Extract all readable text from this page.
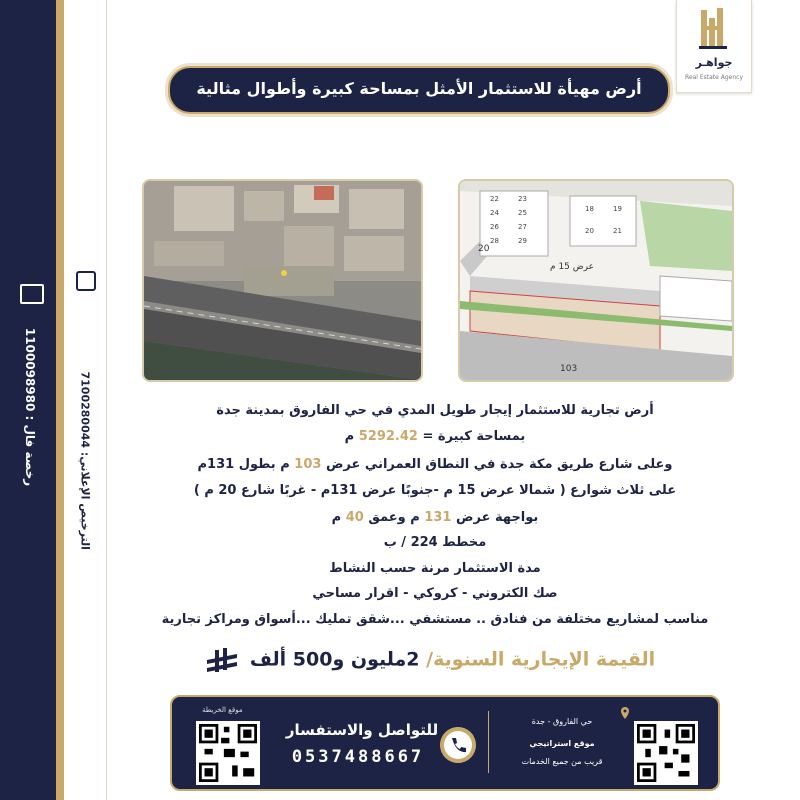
رخصة فال : 1100098980
الترخيص الإعلاني: 7100280044
جواهـر
Real Estate Agency
أرض مهيأة للاستثمار الأمثل بمساحة كبيرة وأطوال مثالية
عرض 15 م
20
103
18	19
20	21
22	23
24	25
26	27
28	29
أرض تجارية للاستثمار إيجار طويل المدي في حي الفاروق بمدينة جدة
بمساحة كبيرة = 5292.42 م
وعلى شارع طريق مكة جدة في النطاق العمراني عرض 103 م بطول 131م
على ثلاث شوارع ( شمالا عرض 15 م -جنوبًا عرض 131م - غربًا شارع 20 م )
بواجهة عرض 131 م وعمق 40 م
مخطط 224 / ب
مدة الاستثمار مرنة حسب النشاط
صك الكتروني - كروكي - اقرار مساحي
مناسب لمشاريع مختلفة من فنادق .. مستشفي ...شقق تمليك ...أسواق ومراكز تجارية
القيمة الإيجارية السنوية/ 2مليون و500 ألف
موقع الخريطة
للتواصل والاستفسار
0537488667
حي الفاروق - جدة
موقع استراتيجي
قريب من جميع الخدمات
